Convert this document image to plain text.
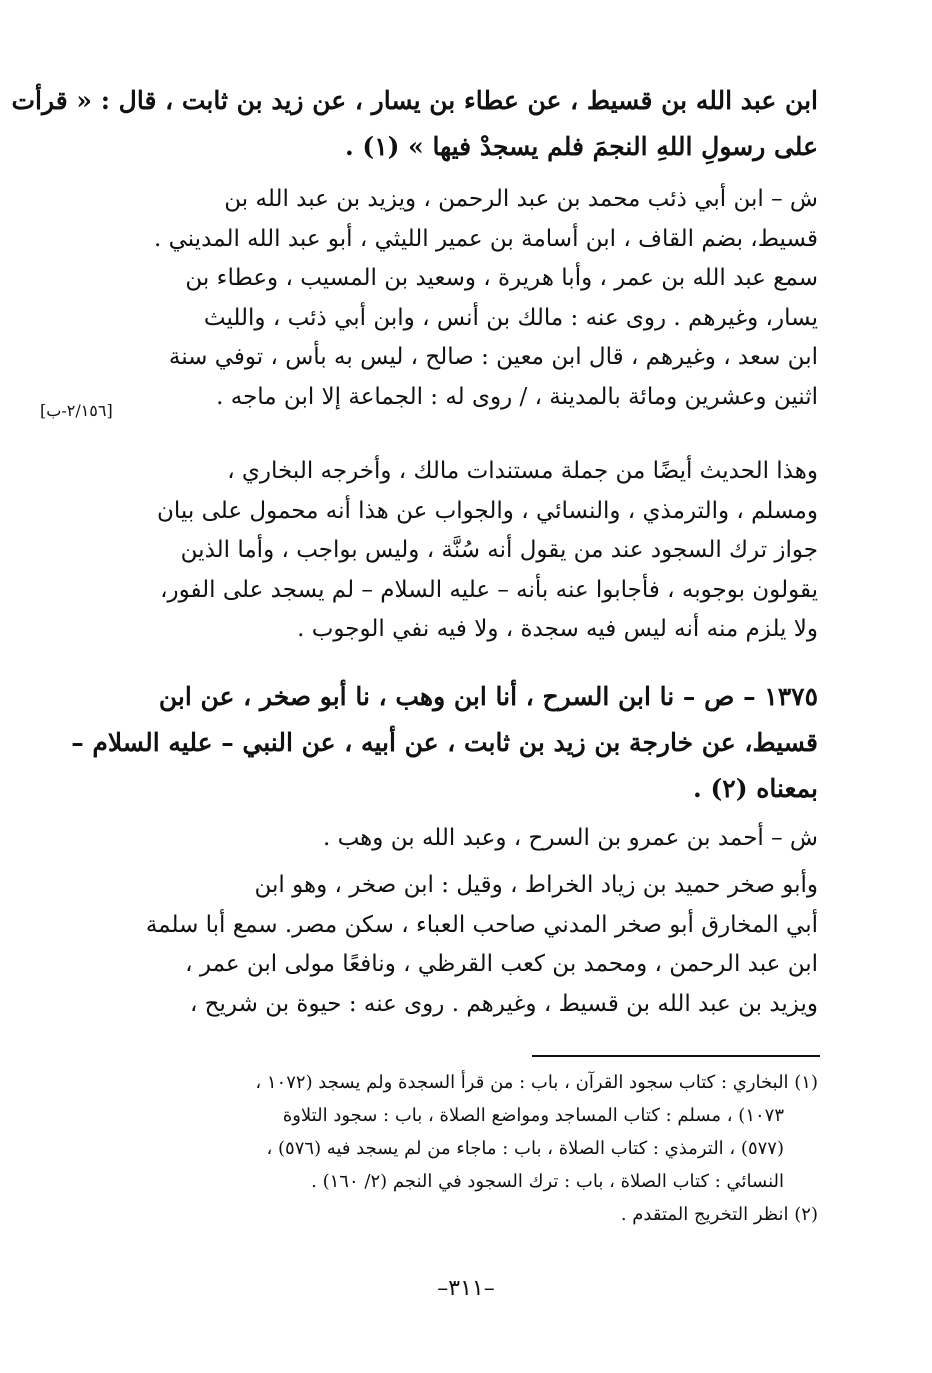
ابن عبد الله بن قسيط ، عن عطاء بن يسار ، عن زيد بن ثابت ، قال : « قرأت
على رسولِ اللهِ النجمَ فلم يسجدْ فيها » (١) .
ش – ابن أبي ذئب محمد بن عبد الرحمن ، ويزيد بن عبد الله بن
قسيط، بضم القاف ، ابن أسامة بن عمير الليثي ، أبو عبد الله المديني .
سمع عبد الله بن عمر ، وأبا هريرة ، وسعيد بن المسيب ، وعطاء بن
يسار، وغيرهم . روى عنه : مالك بن أنس ، وابن أبي ذئب ، والليث
ابن سعد ، وغيرهم ، قال ابن معين : صالح ، ليس به بأس ، توفي سنة
اثنين وعشرين ومائة بالمدينة ، / روى له : الجماعة إلا ابن ماجه .
[٢/١٥٦-ب]
وهذا الحديث أيضًا من جملة مستندات مالك ، وأخرجه البخاري ،
ومسلم ، والترمذي ، والنسائي ، والجواب عن هذا أنه محمول على بيان
جواز ترك السجود عند من يقول أنه سُنَّة ، وليس بواجب ، وأما الذين
يقولون بوجوبه ، فأجابوا عنه بأنه – عليه السلام – لم يسجد على الفور،
ولا يلزم منه أنه ليس فيه سجدة ، ولا فيه نفي الوجوب .
١٣٧٥ – ص – نا ابن السرح ، أنا ابن وهب ، نا أبو صخر ، عن ابن
قسيط، عن خارجة بن زيد بن ثابت ، عن أبيه ، عن النبي – عليه السلام –
بمعناه (٢) .
ش – أحمد بن عمرو بن السرح ، وعبد الله بن وهب .
وأبو صخر حميد بن زياد الخراط ، وقيل : ابن صخر ، وهو ابن
أبي المخارق أبو صخر المدني صاحب العباء ، سكن مصر. سمع أبا سلمة
ابن عبد الرحمن ، ومحمد بن كعب القرظي ، ونافعًا مولى ابن عمر ،
ويزيد بن عبد الله بن قسيط ، وغيرهم . روى عنه : حيوة بن شريح ،
(١) البخاري : كتاب سجود القرآن ، باب : من قرأ السجدة ولم يسجد (١٠٧٢ ،
١٠٧٣) ، مسلم : كتاب المساجد ومواضع الصلاة ، باب : سجود التلاوة
(٥٧٧) ، الترمذي : كتاب الصلاة ، باب : ماجاء من لم يسجد فيه (٥٧٦) ،
النسائي : كتاب الصلاة ، باب : ترك السجود في النجم (٢/ ١٦٠) .
(٢) انظر التخريج المتقدم .
–٣١١–
